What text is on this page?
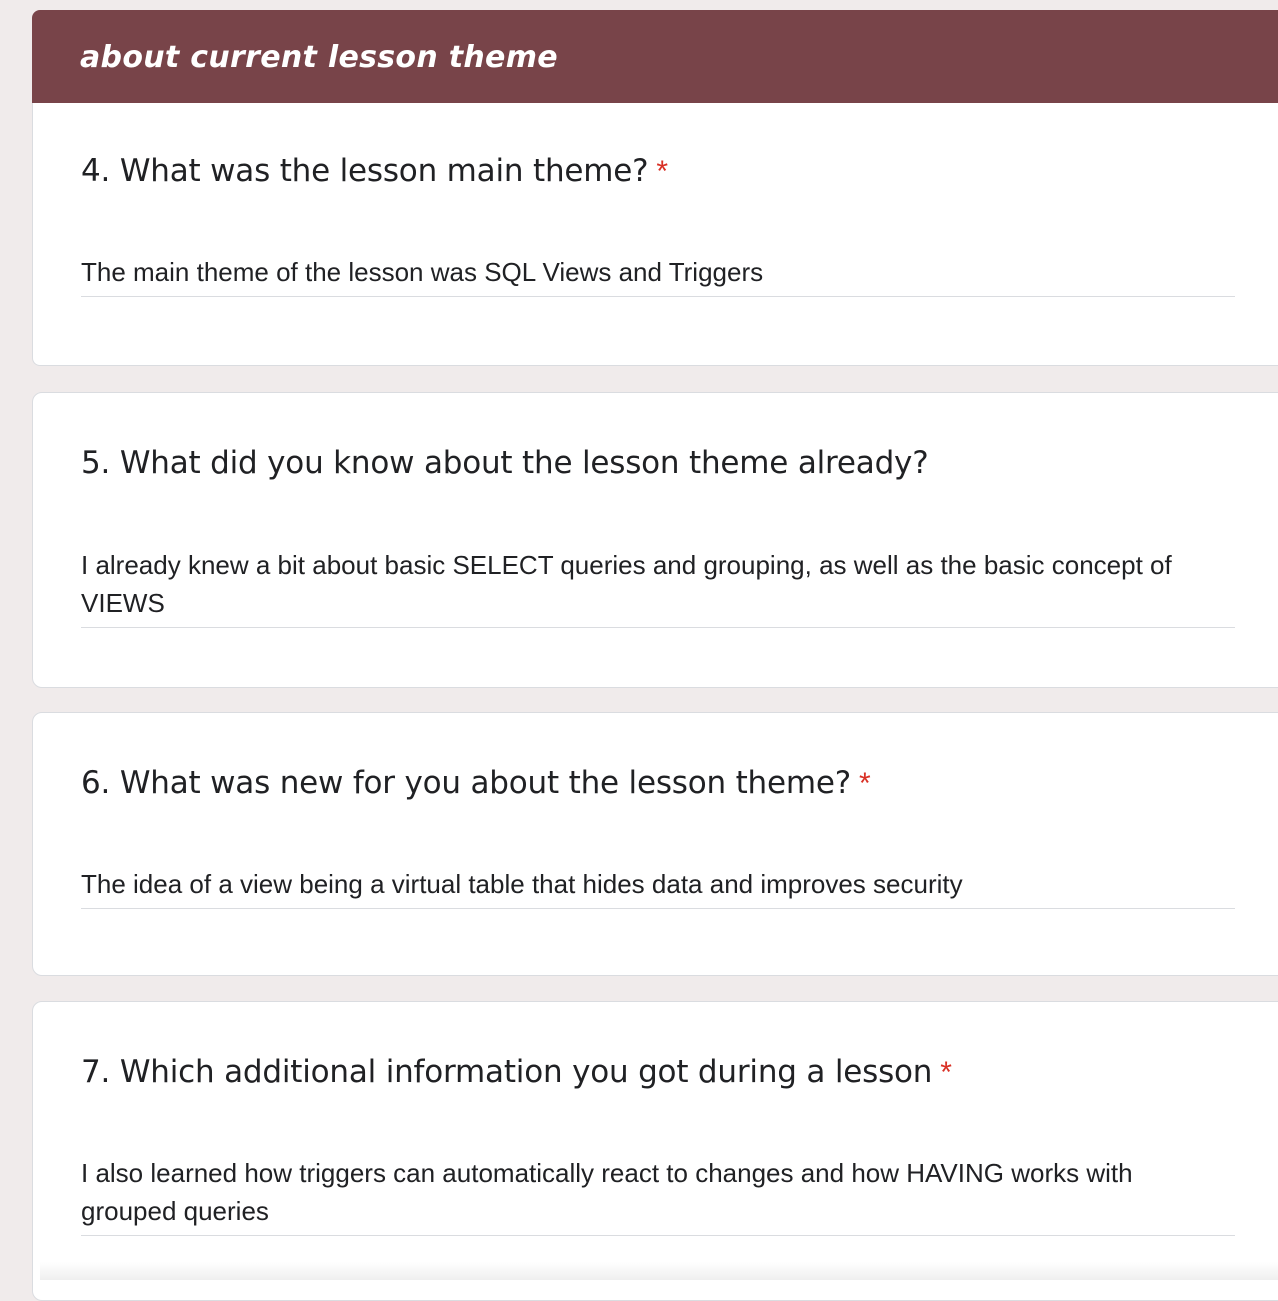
about current lesson theme
4. What was the lesson main theme? *

The main theme of the lesson was SQL Views and Triggers

5. What did you know about the lesson theme already?

I already knew a bit about basic SELECT queries and grouping, as well as the basic concept of VIEWS

6. What was new for you about the lesson theme? *

The idea of a view being a virtual table that hides data and improves security

7. Which additional information you got during a lesson *

I also learned how triggers can automatically react to changes and how HAVING works with grouped queries
